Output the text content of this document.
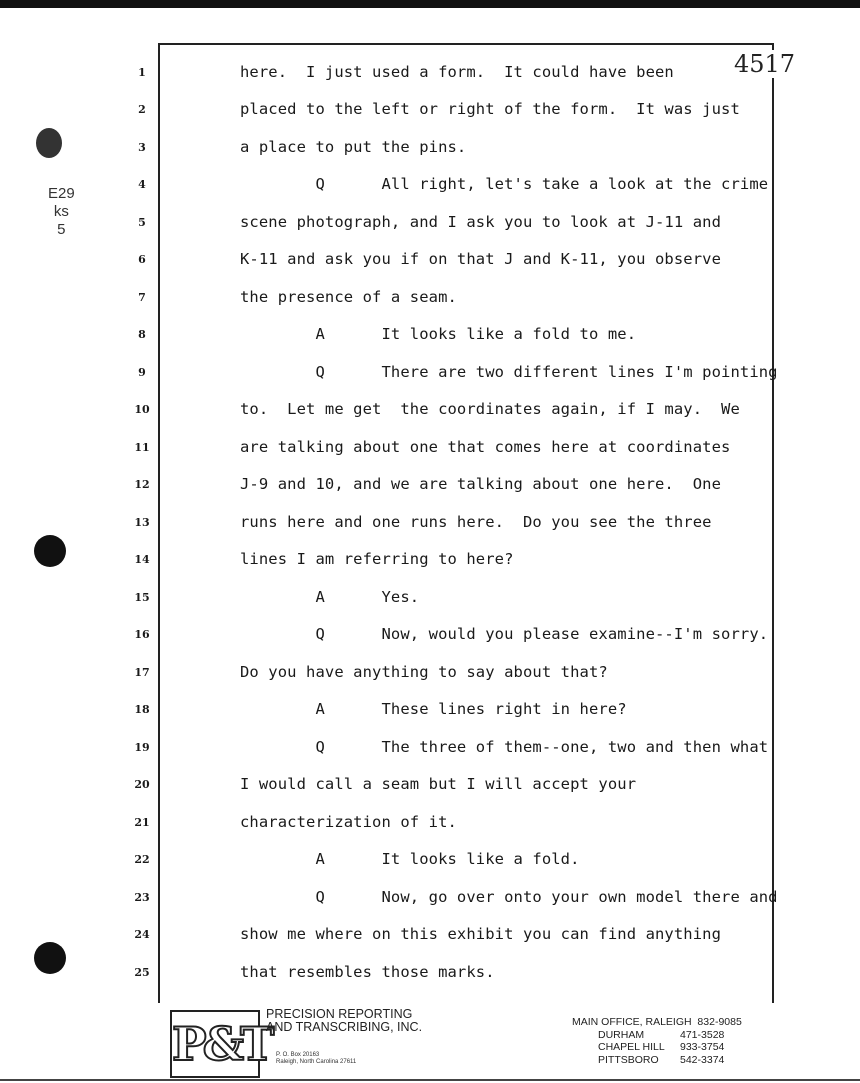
4517
E29
ks
5
1	here.  I just used a form.  It could have been
2	placed to the left or right of the form.  It was just
3	a place to put the pins.
4	Q      All right, let's take a look at the crime
5	scene photograph, and I ask you to look at J-11 and
6	K-11 and ask you if on that J and K-11, you observe
7	the presence of a seam.
8	A      It looks like a fold to me.
9	Q      There are two different lines I'm pointing
10	to.  Let me get  the coordinates again, if I may.  We
11	are talking about one that comes here at coordinates
12	J-9 and 10, and we are talking about one here.  One
13	runs here and one runs here.  Do you see the three
14	lines I am referring to here?
15	A      Yes.
16	Q      Now, would you please examine--I'm sorry.
17	Do you have anything to say about that?
18	A      These lines right in here?
19	Q      The three of them--one, two and then what
20	I would call a seam but I will accept your
21	characterization of it.
22	A      It looks like a fold.
23	Q      Now, go over onto your own model there and
24	show me where on this exhibit you can find anything
25	that resembles those marks.
P&T
PRECISION REPORTING
AND TRANSCRIBING, INC.
P. O. Box 20163
Raleigh, North Carolina 27611
MAIN OFFICE, RALEIGH  832-9085
DURHAM	471-3528
CHAPEL HILL 933-3754
PITTSBORO 542-3374
